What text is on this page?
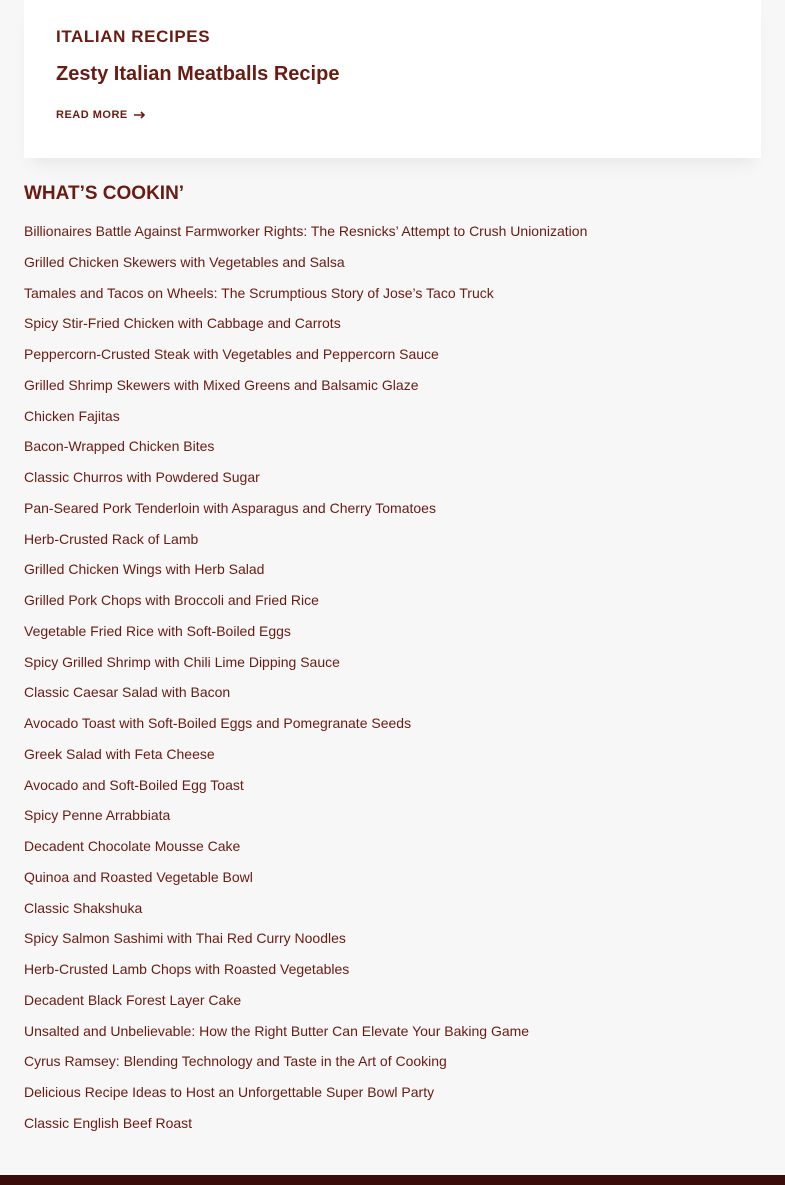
ITALIAN RECIPES
Zesty Italian Meatballs Recipe
READ MORE
WHAT’S COOKIN’
Billionaires Battle Against Farmworker Rights: The Resnicks’ Attempt to Crush Unionization
Grilled Chicken Skewers with Vegetables and Salsa
Tamales and Tacos on Wheels: The Scrumptious Story of Jose’s Taco Truck
Spicy Stir-Fried Chicken with Cabbage and Carrots
Peppercorn-Crusted Steak with Vegetables and Peppercorn Sauce
Grilled Shrimp Skewers with Mixed Greens and Balsamic Glaze
Chicken Fajitas
Bacon-Wrapped Chicken Bites
Classic Churros with Powdered Sugar
Pan-Seared Pork Tenderloin with Asparagus and Cherry Tomatoes
Herb-Crusted Rack of Lamb
Grilled Chicken Wings with Herb Salad
Grilled Pork Chops with Broccoli and Fried Rice
Vegetable Fried Rice with Soft-Boiled Eggs
Spicy Grilled Shrimp with Chili Lime Dipping Sauce
Classic Caesar Salad with Bacon
Avocado Toast with Soft-Boiled Eggs and Pomegranate Seeds
Greek Salad with Feta Cheese
Avocado and Soft-Boiled Egg Toast
Spicy Penne Arrabbiata
Decadent Chocolate Mousse Cake
Quinoa and Roasted Vegetable Bowl
Classic Shakshuka
Spicy Salmon Sashimi with Thai Red Curry Noodles
Herb-Crusted Lamb Chops with Roasted Vegetables
Decadent Black Forest Layer Cake
Unsalted and Unbelievable: How the Right Butter Can Elevate Your Baking Game
Cyrus Ramsey: Blending Technology and Taste in the Art of Cooking
Delicious Recipe Ideas to Host an Unforgettable Super Bowl Party
Classic English Beef Roast
